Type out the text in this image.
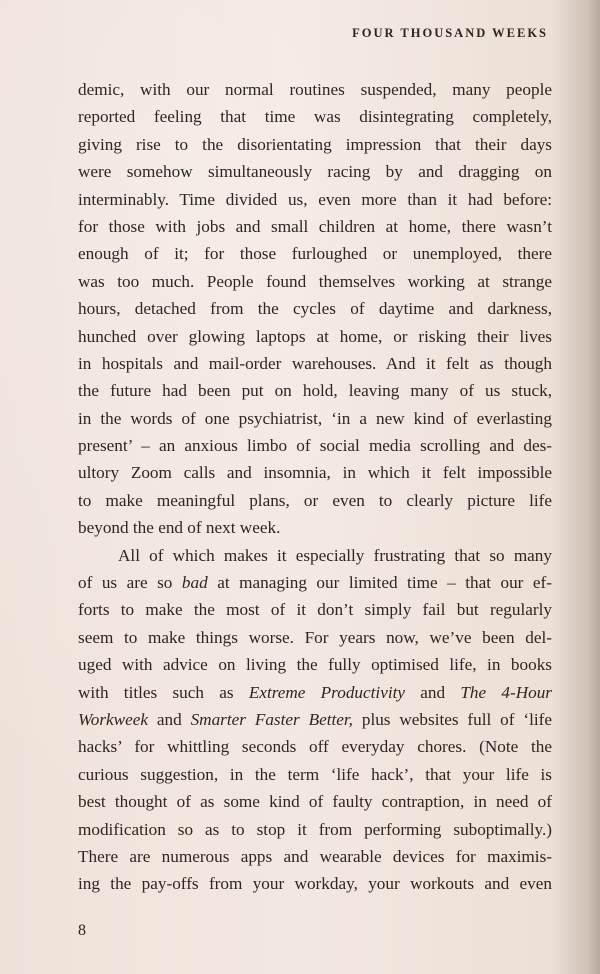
FOUR THOUSAND WEEKS
demic, with our normal routines suspended, many people
reported feeling that time was disintegrating completely,
giving rise to the disorientating impression that their days
were somehow simultaneously racing by and dragging on
interminably. Time divided us, even more than it had before:
for those with jobs and small children at home, there wasn’t
enough of it; for those furloughed or unemployed, there
was too much. People found themselves working at strange
hours, detached from the cycles of daytime and darkness,
hunched over glowing laptops at home, or risking their lives
in hospitals and mail-order warehouses. And it felt as though
the future had been put on hold, leaving many of us stuck,
in the words of one psychiatrist, ‘in a new kind of everlasting
present’ – an anxious limbo of social media scrolling and des-
ultory Zoom calls and insomnia, in which it felt impossible
to make meaningful plans, or even to clearly picture life
beyond the end of next week.
All of which makes it especially frustrating that so many
of us are so bad at managing our limited time – that our ef-
forts to make the most of it don’t simply fail but regularly
seem to make things worse. For years now, we’ve been del-
uged with advice on living the fully optimised life, in books
with titles such as Extreme Productivity and The 4-Hour
Workweek and Smarter Faster Better, plus websites full of ‘life
hacks’ for whittling seconds off everyday chores. (Note the
curious suggestion, in the term ‘life hack’, that your life is
best thought of as some kind of faulty contraption, in need of
modification so as to stop it from performing suboptimally.)
There are numerous apps and wearable devices for maximis-
ing the pay-offs from your workday, your workouts and even
8
